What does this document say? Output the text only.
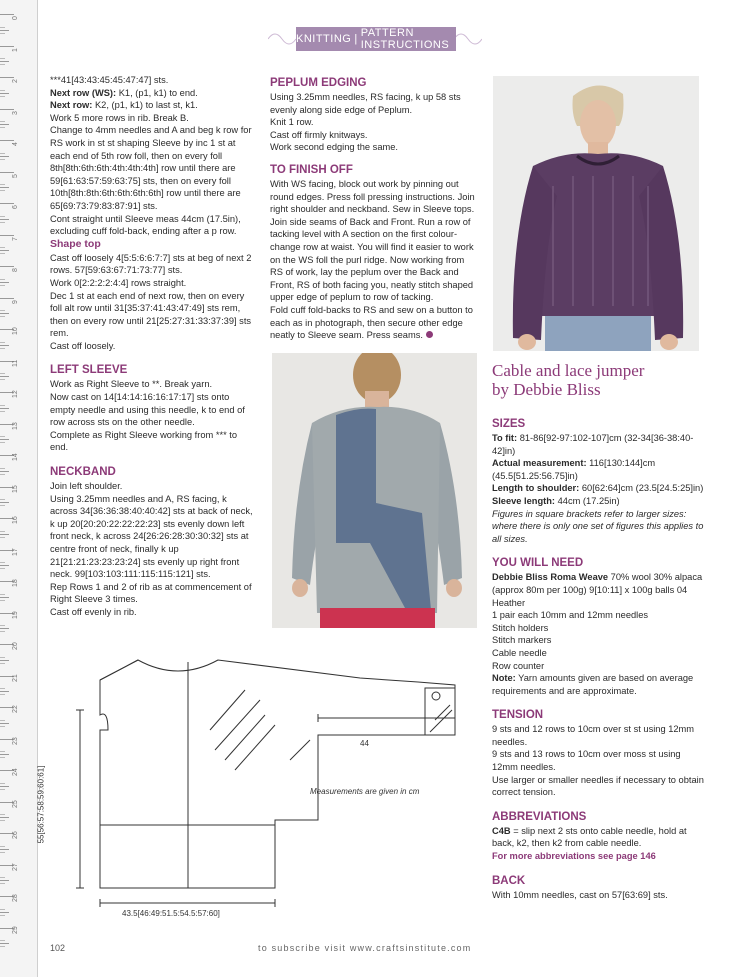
0
1
2
3
4
5
6
7
8
9
10
11
12
13
14
15
16
17
18
19
20
21
22
23
24
25
26
27
28
29
KNITTING | PATTERN INSTRUCTIONS

***41[43:43:45:45:47:47] sts.

Next row (WS): K1, (p1, k1) to end.

Next row: K2, (p1, k1) to last st, k1.

Work 5 more rows in rib. Break B.

Change to 4mm needles and A and beg k row for RS work in st st shaping Sleeve by inc 1 st at each end of 5th row foll, then on every foll 8th[8th:6th:6th:4th:4th:4th] row until there are 59[61:63:57:59:63:75] sts, then on every foll 10th[8th:8th:6th:6th:6th:6th] row until there are 65[69:73:79:83:87:91] sts.

Cont straight until Sleeve meas 44cm (17.5in), excluding cuff fold-back, ending after a p row.

Shape top

Cast off loosely 4[5:5:6:6:7:7] sts at beg of next 2 rows. 57[59:63:67:71:73:77] sts.

Work 0[2:2:2:2:4:4] rows straight.

Dec 1 st at each end of next row, then on every foll alt row until 31[35:37:41:43:47:49] sts rem, then on every row until 21[25:27:31:33:37:39] sts rem.

Cast off loosely.

LEFT SLEEVE

Work as Right Sleeve to **. Break yarn.

Now cast on 14[14:14:16:16:17:17] sts onto empty needle and using this needle, k to end of row across sts on the other needle.

Complete as Right Sleeve working from *** to end.

NECKBAND

Join left shoulder.

Using 3.25mm needles and A, RS facing, k across 34[36:36:38:40:40:42] sts at back of neck, k up 20[20:20:22:22:22:23] sts evenly down left front neck, k across 24[26:26:28:30:30:32] sts at centre front of neck, finally k up 21[21:21:23:23:23:24] sts evenly up right front neck. 99[103:103:111:115:115:121] sts.

Rep Rows 1 and 2 of rib as at commencement of Right Sleeve 3 times.

Cast off evenly in rib.

PEPLUM EDGING

Using 3.25mm needles, RS facing, k up 58 sts evenly along side edge of Peplum.

Knit 1 row.

Cast off firmly knitways.

Work second edging the same.

TO FINISH OFF

With WS facing, block out work by pinning out round edges. Press foll pressing instructions. Join right shoulder and neckband. Sew in Sleeve tops. Join side seams of Back and Front. Run a row of tacking level with A section on the first colour-change row at waist. You will find it easier to work on the WS foll the purl ridge. Now working from RS of work, lay the peplum over the Back and Front, RS of both facing you, neatly stitch shaped upper edge of peplum to row of tacking.

Fold cuff fold-backs to RS and sew on a button to each as in photograph, then secure other edge neatly to Sleeve seam. Press seams.

Cable and lace jumper
by Debbie Bliss
SIZES

To fit: 81-86[92-97:102-107]cm (32-34[36-38:40-42]in)

Actual measurement: 116[130:144]cm (45.5[51.25:56.75]in)

Length to shoulder: 60[62:64]cm (23.5[24.5:25]in)

Sleeve length: 44cm (17.25in)

Figures in square brackets refer to larger sizes: where there is only one set of figures this applies to all sizes.

YOU WILL NEED

Debbie Bliss Roma Weave 70% wool 30% alpaca (approx 80m per 100g) 9[10:11] x 100g balls 04 Heather

1 pair each 10mm and 12mm needles

Stitch holders

Stitch markers

Cable needle

Row counter

Note: Yarn amounts given are based on average requirements and are approximate.

TENSION

9 sts and 12 rows to 10cm over st st using 12mm needles.

9 sts and 13 rows to 10cm over moss st using 12mm needles.

Use larger or smaller needles if necessary to obtain correct tension.

ABBREVIATIONS

C4B = slip next 2 sts onto cable needle, hold at back, k2, then k2 from cable needle.

For more abbreviations see page 146

BACK

With 10mm needles, cast on 57[63:69] sts.

44
55[56:57:58:59:60:61]
43.5[46:49:51.5:54.5:57:60]
Measurements are given in cm
102	to subscribe visit www.craftsinstitute.com
